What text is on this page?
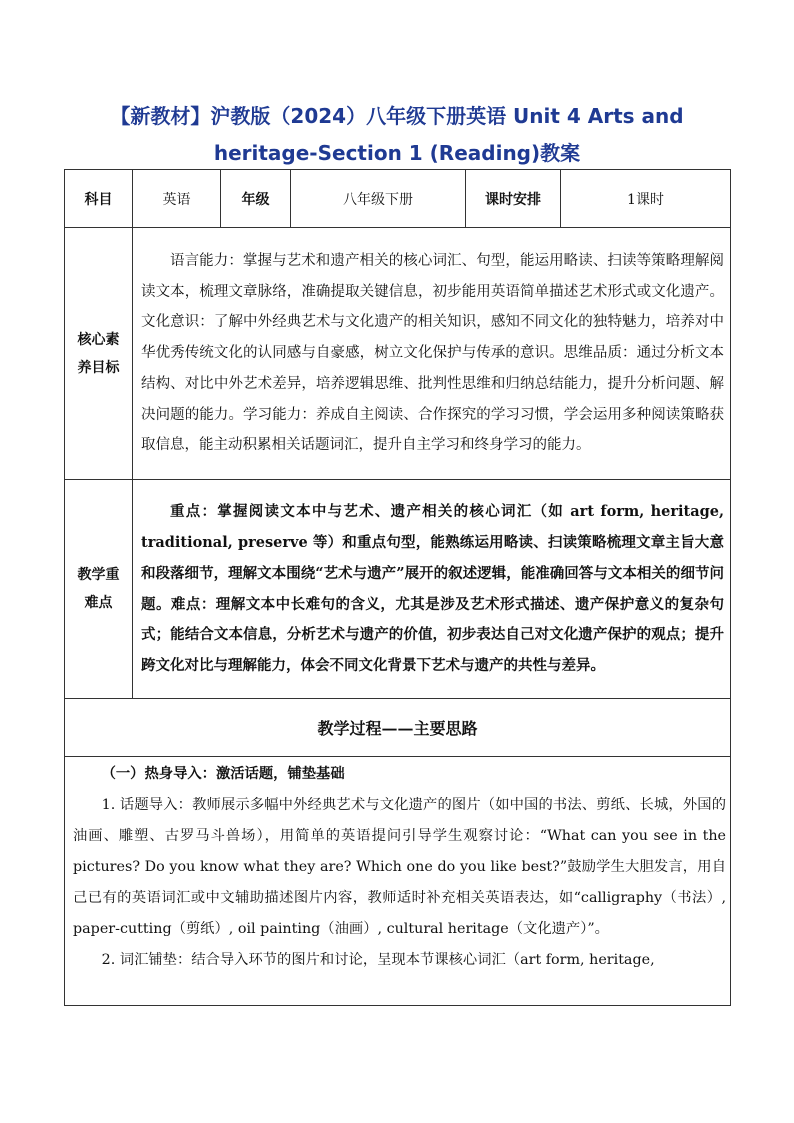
【新教材】沪教版（2024）八年级下册英语 Unit 4 Arts and
heritage-Section 1 (Reading)教案
科目	英语	年级	八年级下册	课时安排	1课时
核心素养目标	语言能力：掌握与艺术和遗产相关的核心词汇、句型，能运用略读、扫读等策略理解阅读文本，梳理文章脉络，准确提取关键信息，初步能用英语简单描述艺术形式或文化遗产。文化意识：了解中外经典艺术与文化遗产的相关知识，感知不同文化的独特魅力，培养对中华优秀传统文化的认同感与自豪感，树立文化保护与传承的意识。思维品质：通过分析文本结构、对比中外艺术差异，培养逻辑思维、批判性思维和归纳总结能力，提升分析问题、解决问题的能力。学习能力：养成自主阅读、合作探究的学习习惯，学会运用多种阅读策略获取信息，能主动积累相关话题词汇，提升自主学习和终身学习的能力。				
教学重难点	重点：掌握阅读文本中与艺术、遗产相关的核心词汇（如 art form, heritage, traditional, preserve 等）和重点句型，能熟练运用略读、扫读策略梳理文章主旨大意和段落细节，理解文本围绕“艺术与遗产”展开的叙述逻辑，能准确回答与文本相关的细节问题。难点：理解文本中长难句的含义，尤其是涉及艺术形式描述、遗产保护意义的复杂句式；能结合文本信息，分析艺术与遗产的价值，初步表达自己对文化遗产保护的观点；提升跨文化对比与理解能力，体会不同文化背景下艺术与遗产的共性与差异。				
教学过程——主要思路					

（一）热身导入：激活话题，铺垫基础

1. 话题导入：教师展示多幅中外经典艺术与文化遗产的图片（如中国的书法、剪纸、长城，外国的油画、雕塑、古罗马斗兽场），用简单的英语提问引导学生观察讨论：“What can you see in the pictures? Do you know what they are? Which one do you like best?”鼓励学生大胆发言，用自己已有的英语词汇或中文辅助描述图片内容，教师适时补充相关英语表达，如“calligraphy（书法）, paper-cutting（剪纸）, oil painting（油画）, cultural heritage（文化遗产）”。

2. 词汇铺垫：结合导入环节的图片和讨论，呈现本节课核心词汇（art form, heritage,					
